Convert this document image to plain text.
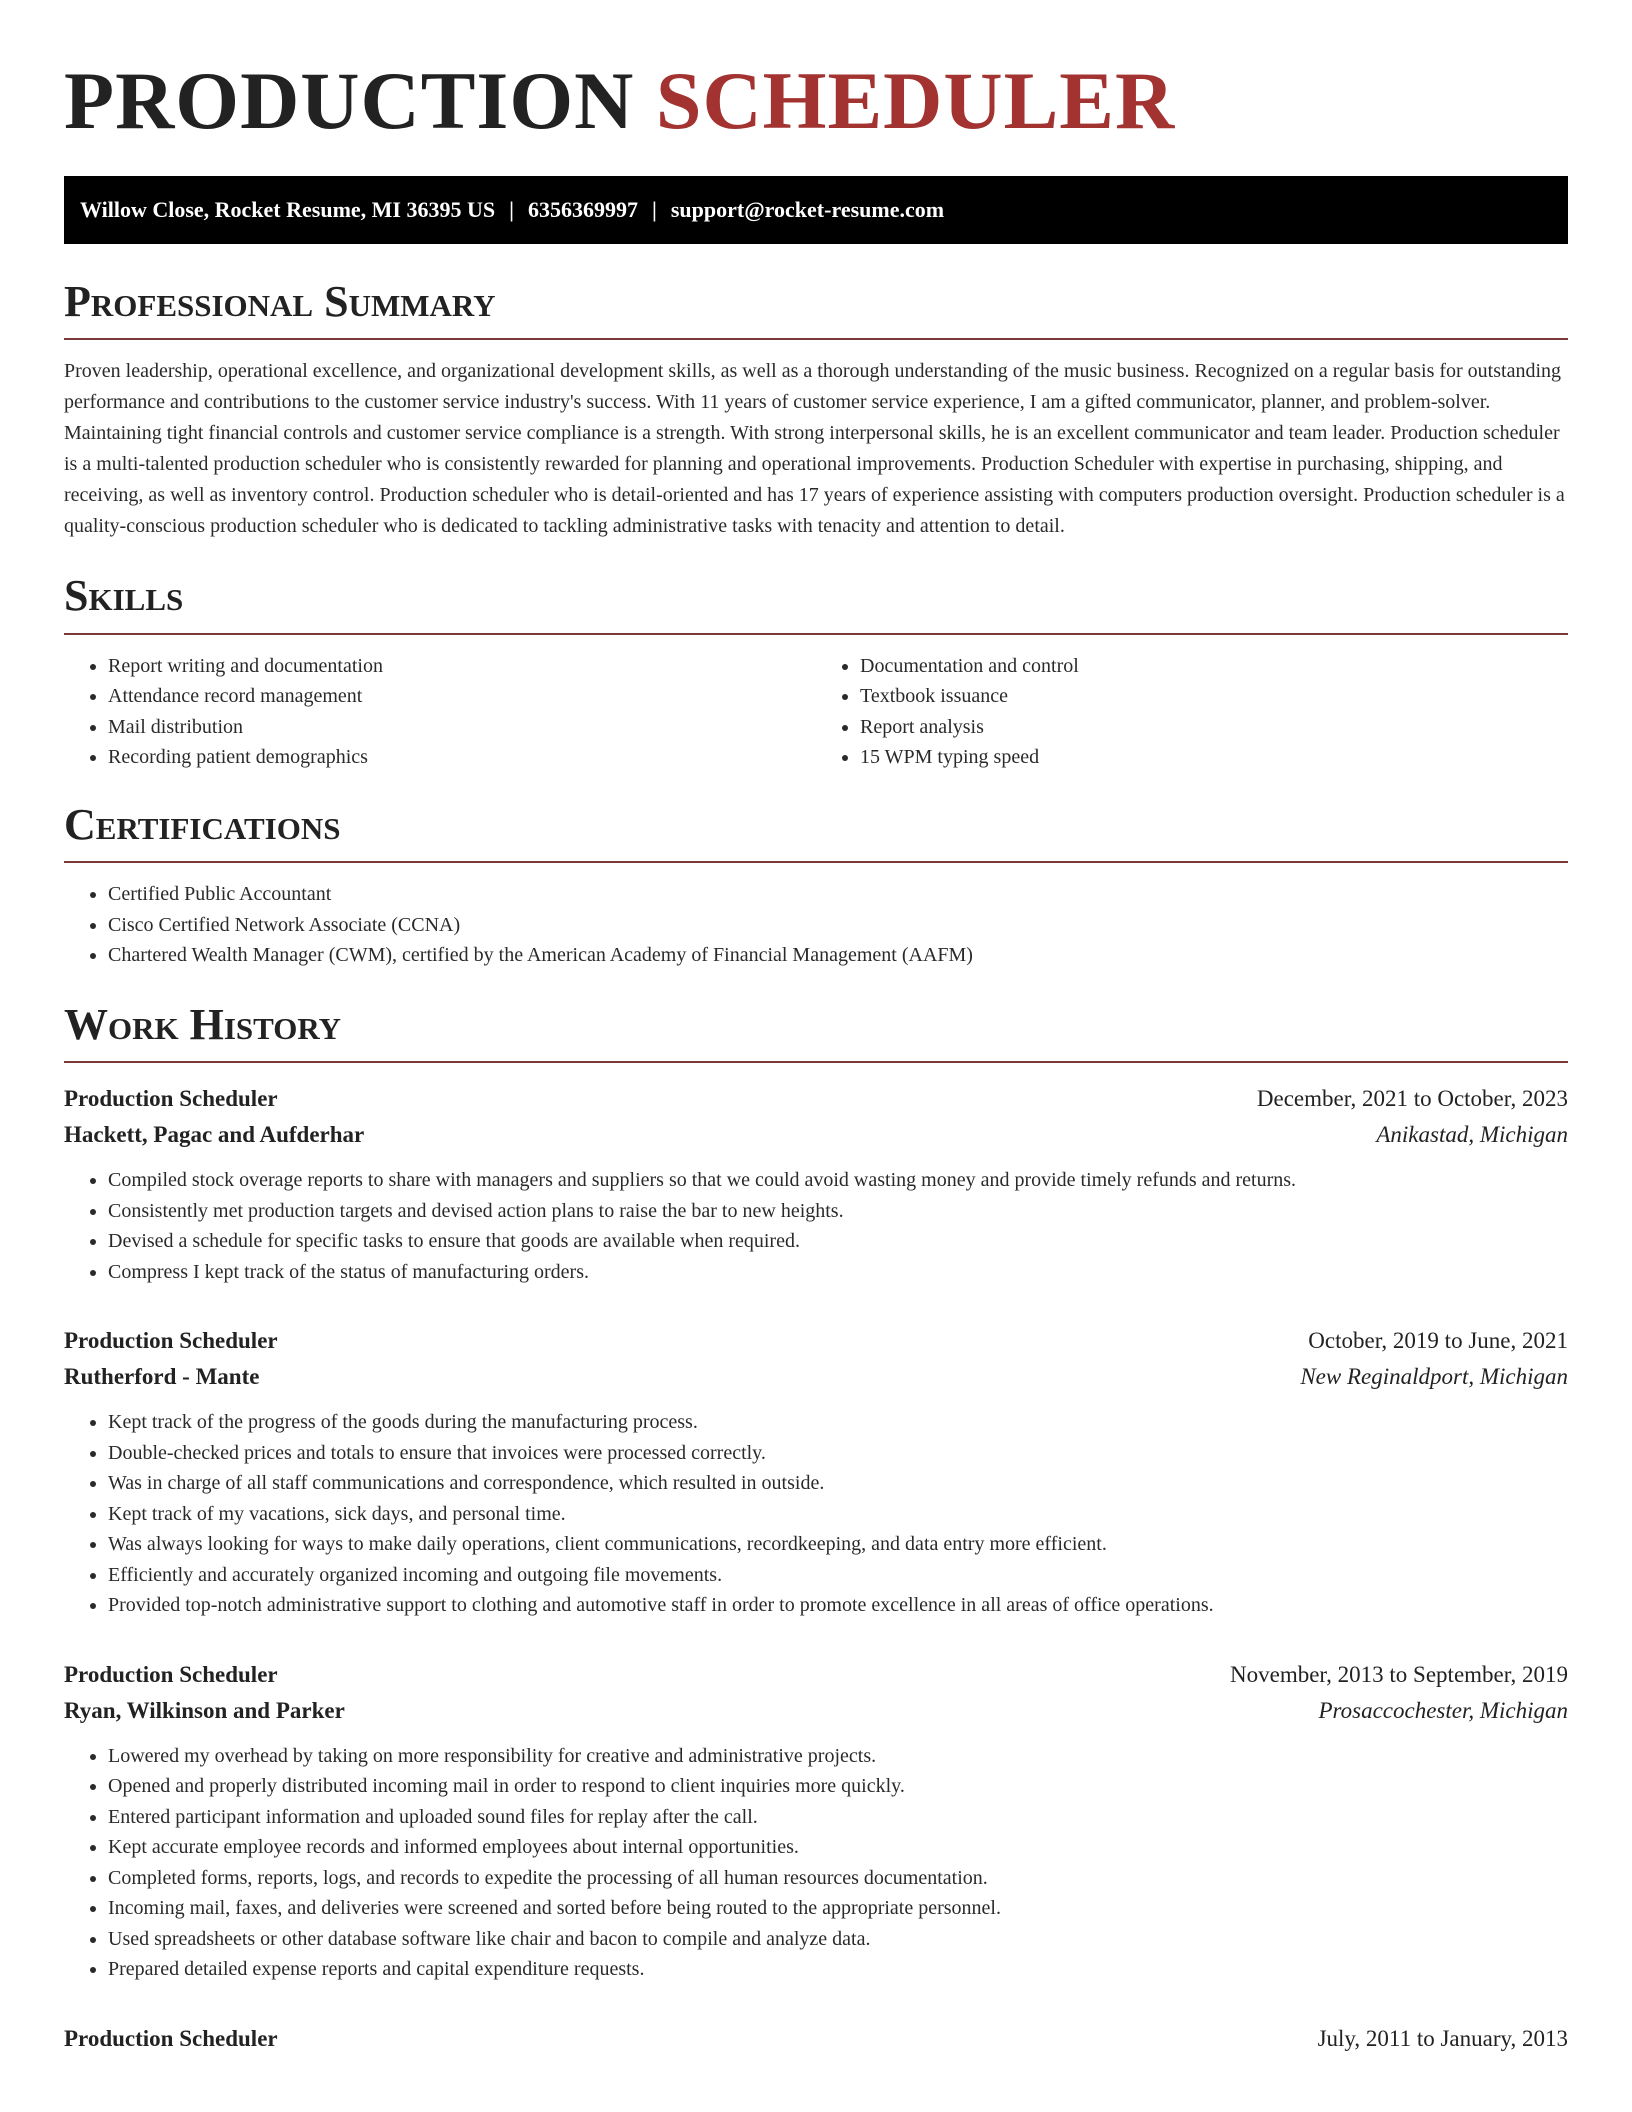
PRODUCTION SCHEDULER
Willow Close, Rocket Resume, MI 36395 US | 6356369997 | support@rocket-resume.com
Professional Summary

Proven leadership, operational excellence, and organizational development skills, as well as a thorough understanding of the music business. Recognized on a regular basis for outstanding performance and contributions to the customer service industry's success. With 11 years of customer service experience, I am a gifted communicator, planner, and problem-solver. Maintaining tight financial controls and customer service compliance is a strength. With strong interpersonal skills, he is an excellent communicator and team leader. Production scheduler is a multi-talented production scheduler who is consistently rewarded for planning and operational improvements. Production Scheduler with expertise in purchasing, shipping, and receiving, as well as inventory control. Production scheduler who is detail-oriented and has 17 years of experience assisting with computers production oversight. Production scheduler is a quality-conscious production scheduler who is dedicated to tackling administrative tasks with tenacity and attention to detail.

Skills
• Report writing and documentation
• Attendance record management
• Mail distribution
• Recording patient demographics
• Documentation and control
• Textbook issuance
• Report analysis
• 15 WPM typing speed
Certifications
• Certified Public Accountant
• Cisco Certified Network Associate (CCNA)
• Chartered Wealth Manager (CWM), certified by the American Academy of Financial Management (AAFM)
Work History
Production Scheduler	December, 2021 to October, 2023
Hackett, Pagac and Aufderhar	Anikastad, Michigan
• Compiled stock overage reports to share with managers and suppliers so that we could avoid wasting money and provide timely refunds and returns.
• Consistently met production targets and devised action plans to raise the bar to new heights.
• Devised a schedule for specific tasks to ensure that goods are available when required.
• Compress I kept track of the status of manufacturing orders.
Production Scheduler	October, 2019 to June, 2021
Rutherford - Mante	New Reginaldport, Michigan
• Kept track of the progress of the goods during the manufacturing process.
• Double-checked prices and totals to ensure that invoices were processed correctly.
• Was in charge of all staff communications and correspondence, which resulted in outside.
• Kept track of my vacations, sick days, and personal time.
• Was always looking for ways to make daily operations, client communications, recordkeeping, and data entry more efficient.
• Efficiently and accurately organized incoming and outgoing file movements.
• Provided top-notch administrative support to clothing and automotive staff in order to promote excellence in all areas of office operations.
Production Scheduler	November, 2013 to September, 2019
Ryan, Wilkinson and Parker	Prosaccochester, Michigan
• Lowered my overhead by taking on more responsibility for creative and administrative projects.
• Opened and properly distributed incoming mail in order to respond to client inquiries more quickly.
• Entered participant information and uploaded sound files for replay after the call.
• Kept accurate employee records and informed employees about internal opportunities.
• Completed forms, reports, logs, and records to expedite the processing of all human resources documentation.
• Incoming mail, faxes, and deliveries were screened and sorted before being routed to the appropriate personnel.
• Used spreadsheets or other database software like chair and bacon to compile and analyze data.
• Prepared detailed expense reports and capital expenditure requests.
Production Scheduler	July, 2011 to January, 2013
